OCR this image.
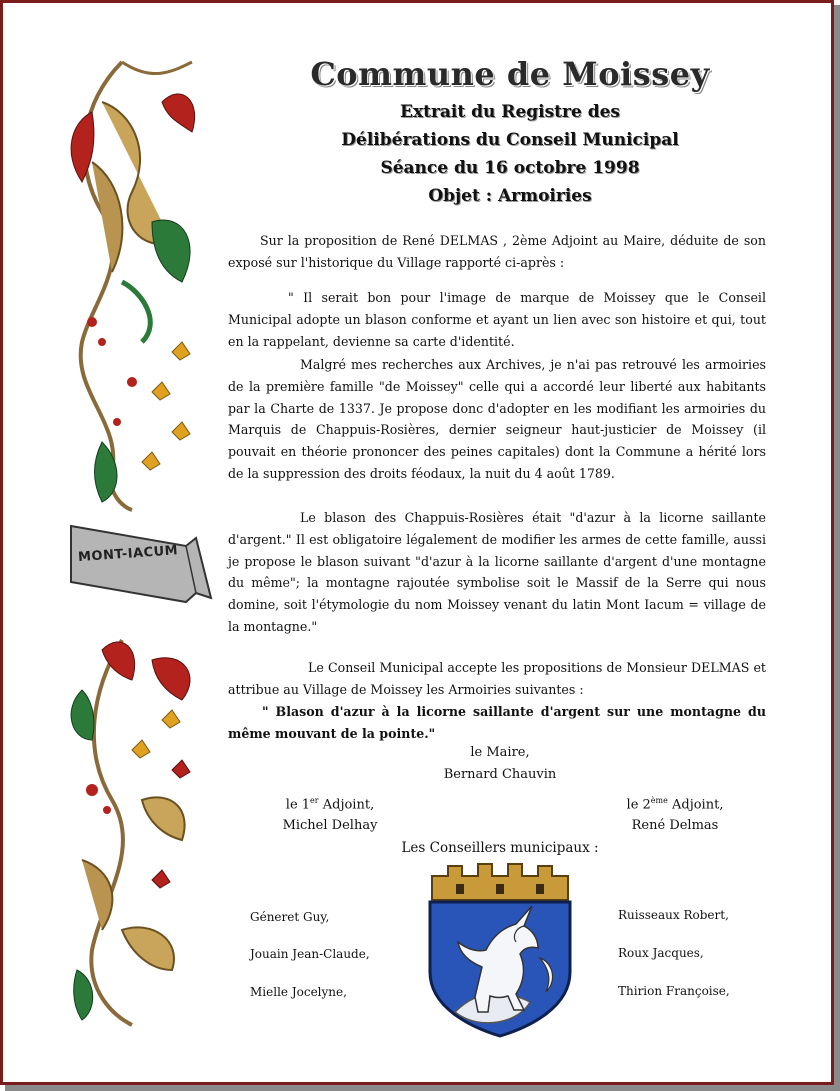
MONT-IACUM
Commune de Moissey
Extrait du Registre des
Délibérations du Conseil Municipal
Séance du 16 octobre 1998
Objet : Armoiries
Sur la proposition de René DELMAS , 2ème Adjoint au Maire, déduite de son exposé sur l'historique du Village rapporté ci-après :
" Il serait bon pour l'image de marque de Moissey que le Conseil Municipal adopte un blason conforme et ayant un lien avec son histoire et qui, tout en la rappelant, devienne sa carte d'identité.
Malgré mes recherches aux Archives, je n'ai pas retrouvé les armoiries de la première famille "de Moissey" celle qui a accordé leur liberté aux habitants par la Charte de 1337. Je propose donc d'adopter en les modifiant les armoiries du Marquis de Chappuis-Rosières, dernier seigneur haut-justicier de Moissey (il pouvait en théorie prononcer des peines capitales) dont la Commune a hérité lors de la suppression des droits féodaux, la nuit du 4 août 1789.
Le blason des Chappuis-Rosières était "d'azur à la licorne saillante d'argent." Il est obligatoire légalement de modifier les armes de cette famille, aussi je propose le blason suivant "d'azur à la licorne saillante d'argent d'une montagne du même"; la montagne rajoutée symbolise soit le Massif de la Serre qui nous domine, soit l'étymologie du nom Moissey venant du latin Mont Iacum = village de la montagne."
Le Conseil Municipal accepte les propositions de Monsieur DELMAS et attribue au Village de Moissey les Armoiries suivantes :
" Blason d'azur à la licorne saillante d'argent sur une montagne du même mouvant de la pointe."
le Maire,
Bernard Chauvin
le 1er Adjoint,
Michel Delhay
le 2ème Adjoint,
René Delmas
Les Conseillers municipaux :
Géneret Guy,
Jouain Jean-Claude,
Mielle Jocelyne,
Ruisseaux Robert,
Roux Jacques,
Thirion Françoise,
